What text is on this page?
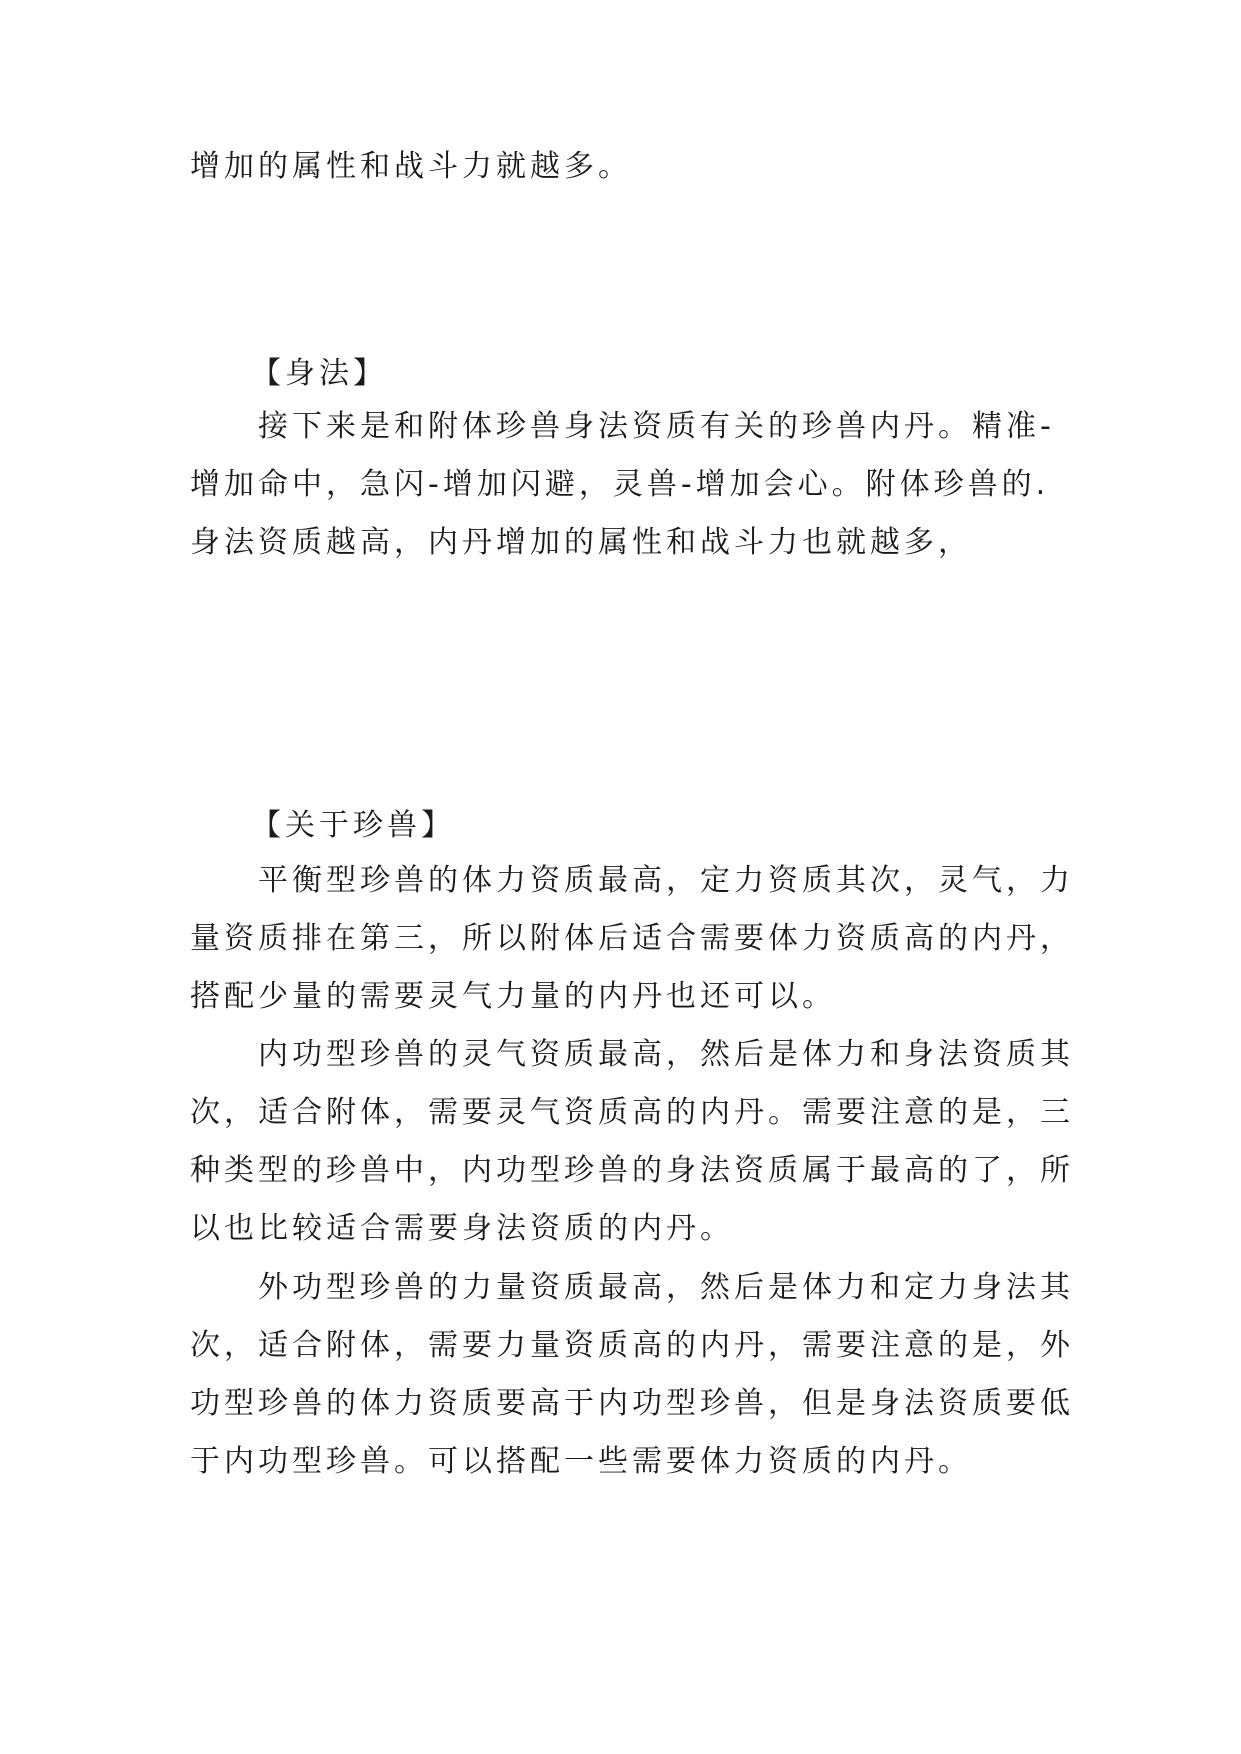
增加的属性和战斗力就越多。
【身法】
接下来是和附体珍兽身法资质有关的珍兽内丹。精准-
增加命中，急闪-增加闪避，灵兽-增加会心。附体珍兽的.
身法资质越高，内丹增加的属性和战斗力也就越多，
【关于珍兽】
平衡型珍兽的体力资质最高，定力资质其次，灵气，力
量资质排在第三，所以附体后适合需要体力资质高的内丹，
搭配少量的需要灵气力量的内丹也还可以。
内功型珍兽的灵气资质最高，然后是体力和身法资质其
次，适合附体，需要灵气资质高的内丹。需要注意的是，三
种类型的珍兽中，内功型珍兽的身法资质属于最高的了，所
以也比较适合需要身法资质的内丹。
外功型珍兽的力量资质最高，然后是体力和定力身法其
次，适合附体，需要力量资质高的内丹，需要注意的是，外
功型珍兽的体力资质要高于内功型珍兽，但是身法资质要低
于内功型珍兽。可以搭配一些需要体力资质的内丹。
